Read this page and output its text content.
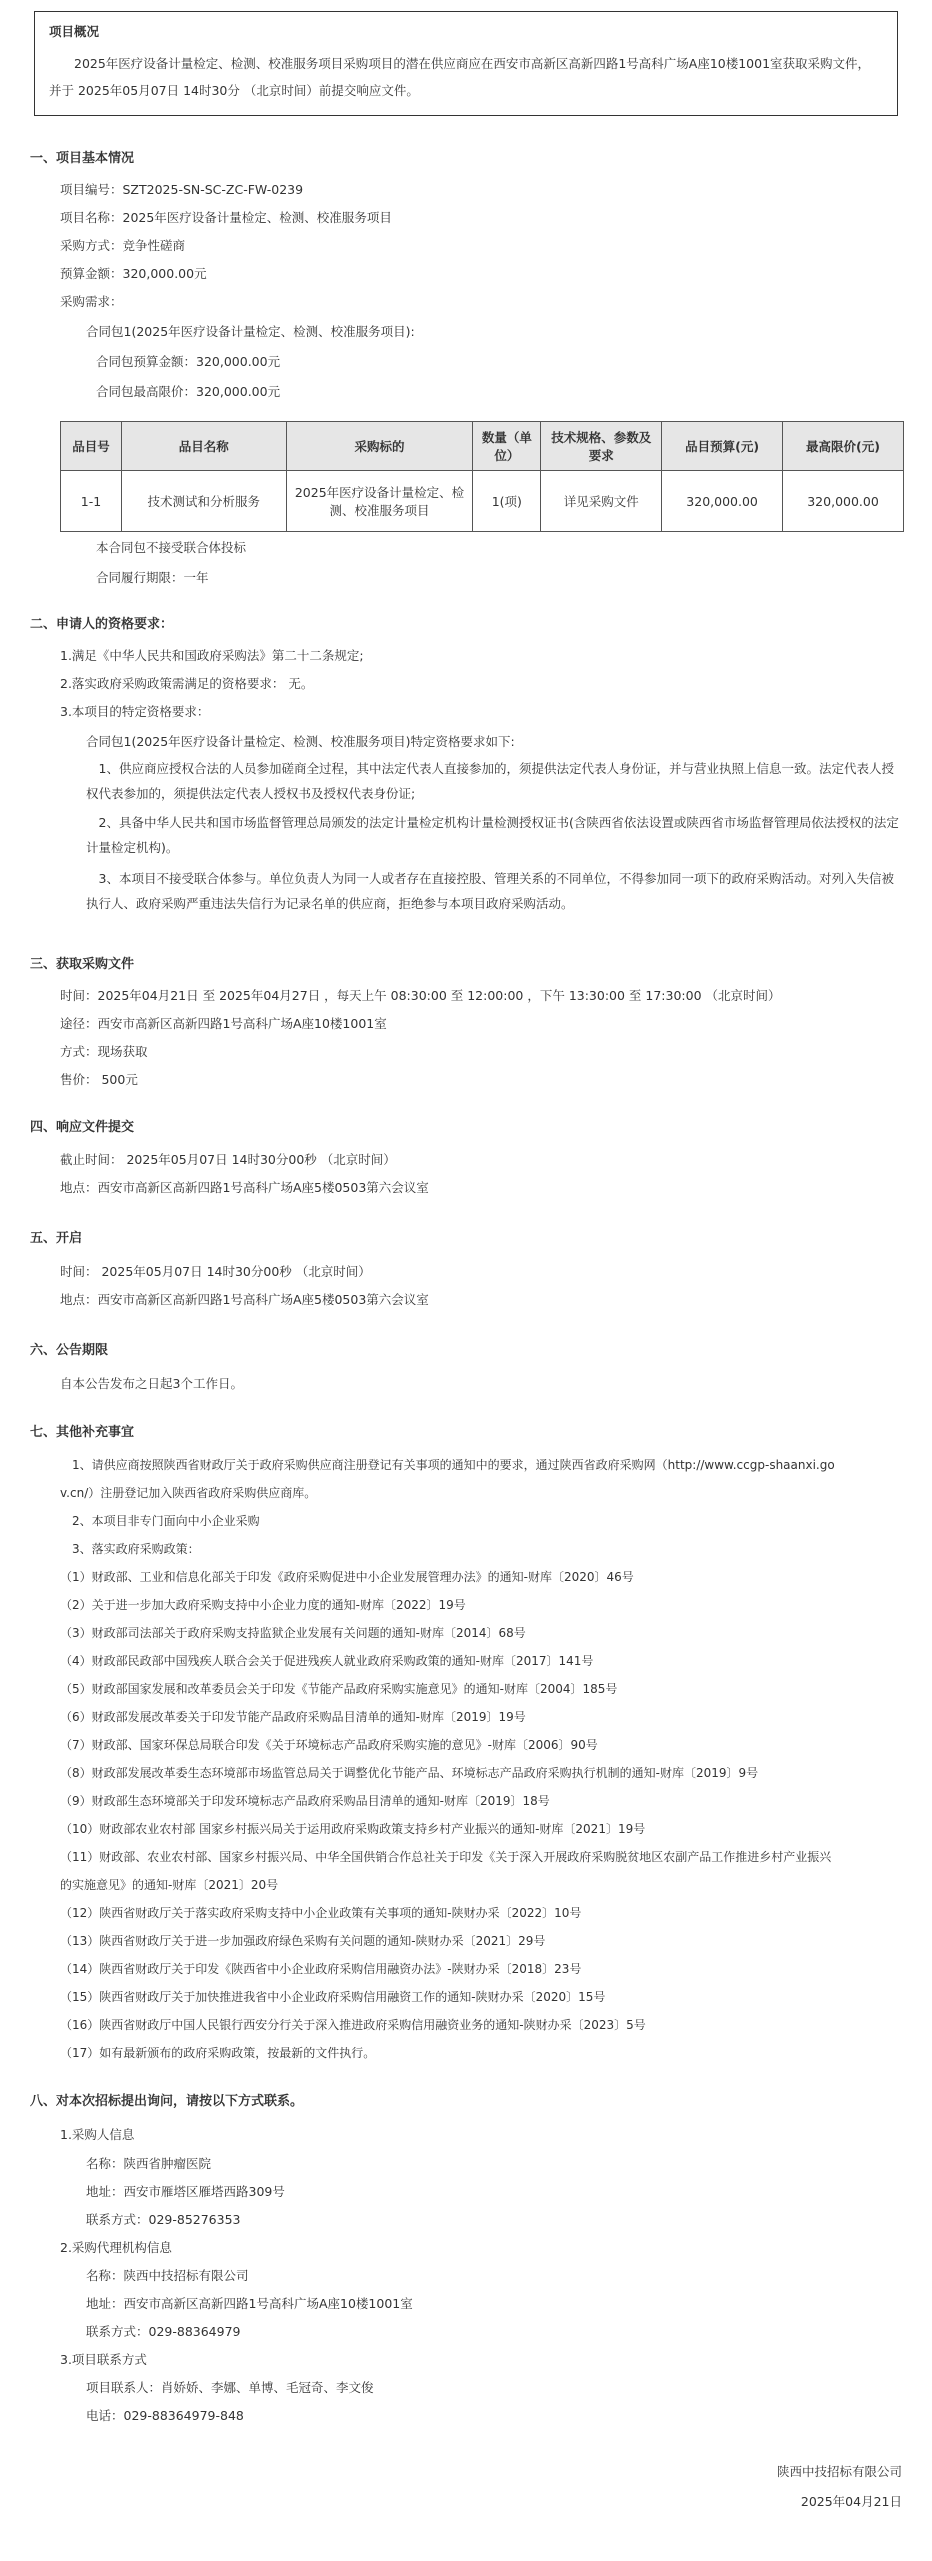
项目概况
2025年医疗设备计量检定、检测、校准服务项目采购项目的潜在供应商应在西安市高新区高新四路1号高科广场A座10楼1001室获取采购文件，
并于 2025年05月07日 14时30分 （北京时间）前提交响应文件。
一、项目基本情况
项目编号：SZT2025-SN-SC-ZC-FW-0239
项目名称：2025年医疗设备计量检定、检测、校准服务项目
采购方式：竞争性磋商
预算金额：320,000.00元
采购需求：
合同包1(2025年医疗设备计量检定、检测、校准服务项目):
合同包预算金额：320,000.00元
合同包最高限价：320,000.00元
品目号	品目名称	采购标的	数量（单位）	技术规格、参数及要求	品目预算(元)	最高限价(元)
1-1	技术测试和分析服务	2025年医疗设备计量检定、检测、校准服务项目	1(项)	详见采购文件	320,000.00	320,000.00
本合同包不接受联合体投标
合同履行期限：一年
二、申请人的资格要求：
1.满足《中华人民共和国政府采购法》第二十二条规定;
2.落实政府采购政策需满足的资格要求： 无。
3.本项目的特定资格要求：
合同包1(2025年医疗设备计量检定、检测、校准服务项目)特定资格要求如下:
1、供应商应授权合法的人员参加磋商全过程，其中法定代表人直接参加的，须提供法定代表人身份证，并与营业执照上信息一致。法定代表人授权代表参加的，须提供法定代表人授权书及授权代表身份证;
2、具备中华人民共和国市场监督管理总局颁发的法定计量检定机构计量检测授权证书(含陕西省依法设置或陕西省市场监督管理局依法授权的法定计量检定机构)。
3、本项目不接受联合体参与。单位负责人为同一人或者存在直接控股、管理关系的不同单位，不得参加同一项下的政府采购活动。对列入失信被执行人、政府采购严重违法失信行为记录名单的供应商，拒绝参与本项目政府采购活动。
三、获取采购文件
时间：2025年04月21日 至 2025年04月27日 ，每天上午 08:30:00 至 12:00:00 ，下午 13:30:00 至 17:30:00 （北京时间）
途径：西安市高新区高新四路1号高科广场A座10楼1001室
方式：现场获取
售价： 500元
四、响应文件提交
截止时间： 2025年05月07日 14时30分00秒 （北京时间）
地点：西安市高新区高新四路1号高科广场A座5楼0503第六会议室
五、开启
时间： 2025年05月07日 14时30分00秒 （北京时间）
地点：西安市高新区高新四路1号高科广场A座5楼0503第六会议室
六、公告期限
自本公告发布之日起3个工作日。
七、其他补充事宜
1、请供应商按照陕西省财政厅关于政府采购供应商注册登记有关事项的通知中的要求，通过陕西省政府采购网（http://www.ccgp-shaanxi.go
v.cn/）注册登记加入陕西省政府采购供应商库。
2、本项目非专门面向中小企业采购
3、落实政府采购政策：
（1）财政部、工业和信息化部关于印发《政府采购促进中小企业发展管理办法》的通知-财库〔2020〕46号
（2）关于进一步加大政府采购支持中小企业力度的通知-财库〔2022〕19号
（3）财政部司法部关于政府采购支持监狱企业发展有关问题的通知-财库〔2014〕68号
（4）财政部民政部中国残疾人联合会关于促进残疾人就业政府采购政策的通知-财库〔2017〕141号
（5）财政部国家发展和改革委员会关于印发《节能产品政府采购实施意见》的通知-财库〔2004〕185号
（6）财政部发展改革委关于印发节能产品政府采购品目清单的通知-财库〔2019〕19号
（7）财政部、国家环保总局联合印发《关于环境标志产品政府采购实施的意见》-财库〔2006〕90号
（8）财政部发展改革委生态环境部市场监管总局关于调整优化节能产品、环境标志产品政府采购执行机制的通知-财库〔2019〕9号
（9）财政部生态环境部关于印发环境标志产品政府采购品目清单的通知-财库〔2019〕18号
（10）财政部农业农村部 国家乡村振兴局关于运用政府采购政策支持乡村产业振兴的通知-财库〔2021〕19号
（11）财政部、农业农村部、国家乡村振兴局、中华全国供销合作总社关于印发《关于深入开展政府采购脱贫地区农副产品工作推进乡村产业振兴
的实施意见》的通知-财库〔2021〕20号
（12）陕西省财政厅关于落实政府采购支持中小企业政策有关事项的通知-陕财办采〔2022〕10号
（13）陕西省财政厅关于进一步加强政府绿色采购有关问题的通知-陕财办采〔2021〕29号
（14）陕西省财政厅关于印发《陕西省中小企业政府采购信用融资办法》-陕财办采〔2018〕23号
（15）陕西省财政厅关于加快推进我省中小企业政府采购信用融资工作的通知-陕财办采〔2020〕15号
（16）陕西省财政厅中国人民银行西安分行关于深入推进政府采购信用融资业务的通知-陕财办采〔2023〕5号
（17）如有最新颁布的政府采购政策，按最新的文件执行。
八、对本次招标提出询问，请按以下方式联系。
1.采购人信息
名称：陕西省肿瘤医院
地址：西安市雁塔区雁塔西路309号
联系方式：029-85276353
2.采购代理机构信息
名称：陕西中技招标有限公司
地址：西安市高新区高新四路1号高科广场A座10楼1001室
联系方式：029-88364979
3.项目联系方式
项目联系人：肖娇娇、李娜、单博、毛冠奇、李文俊
电话：029-88364979-848
陕西中技招标有限公司
2025年04月21日
